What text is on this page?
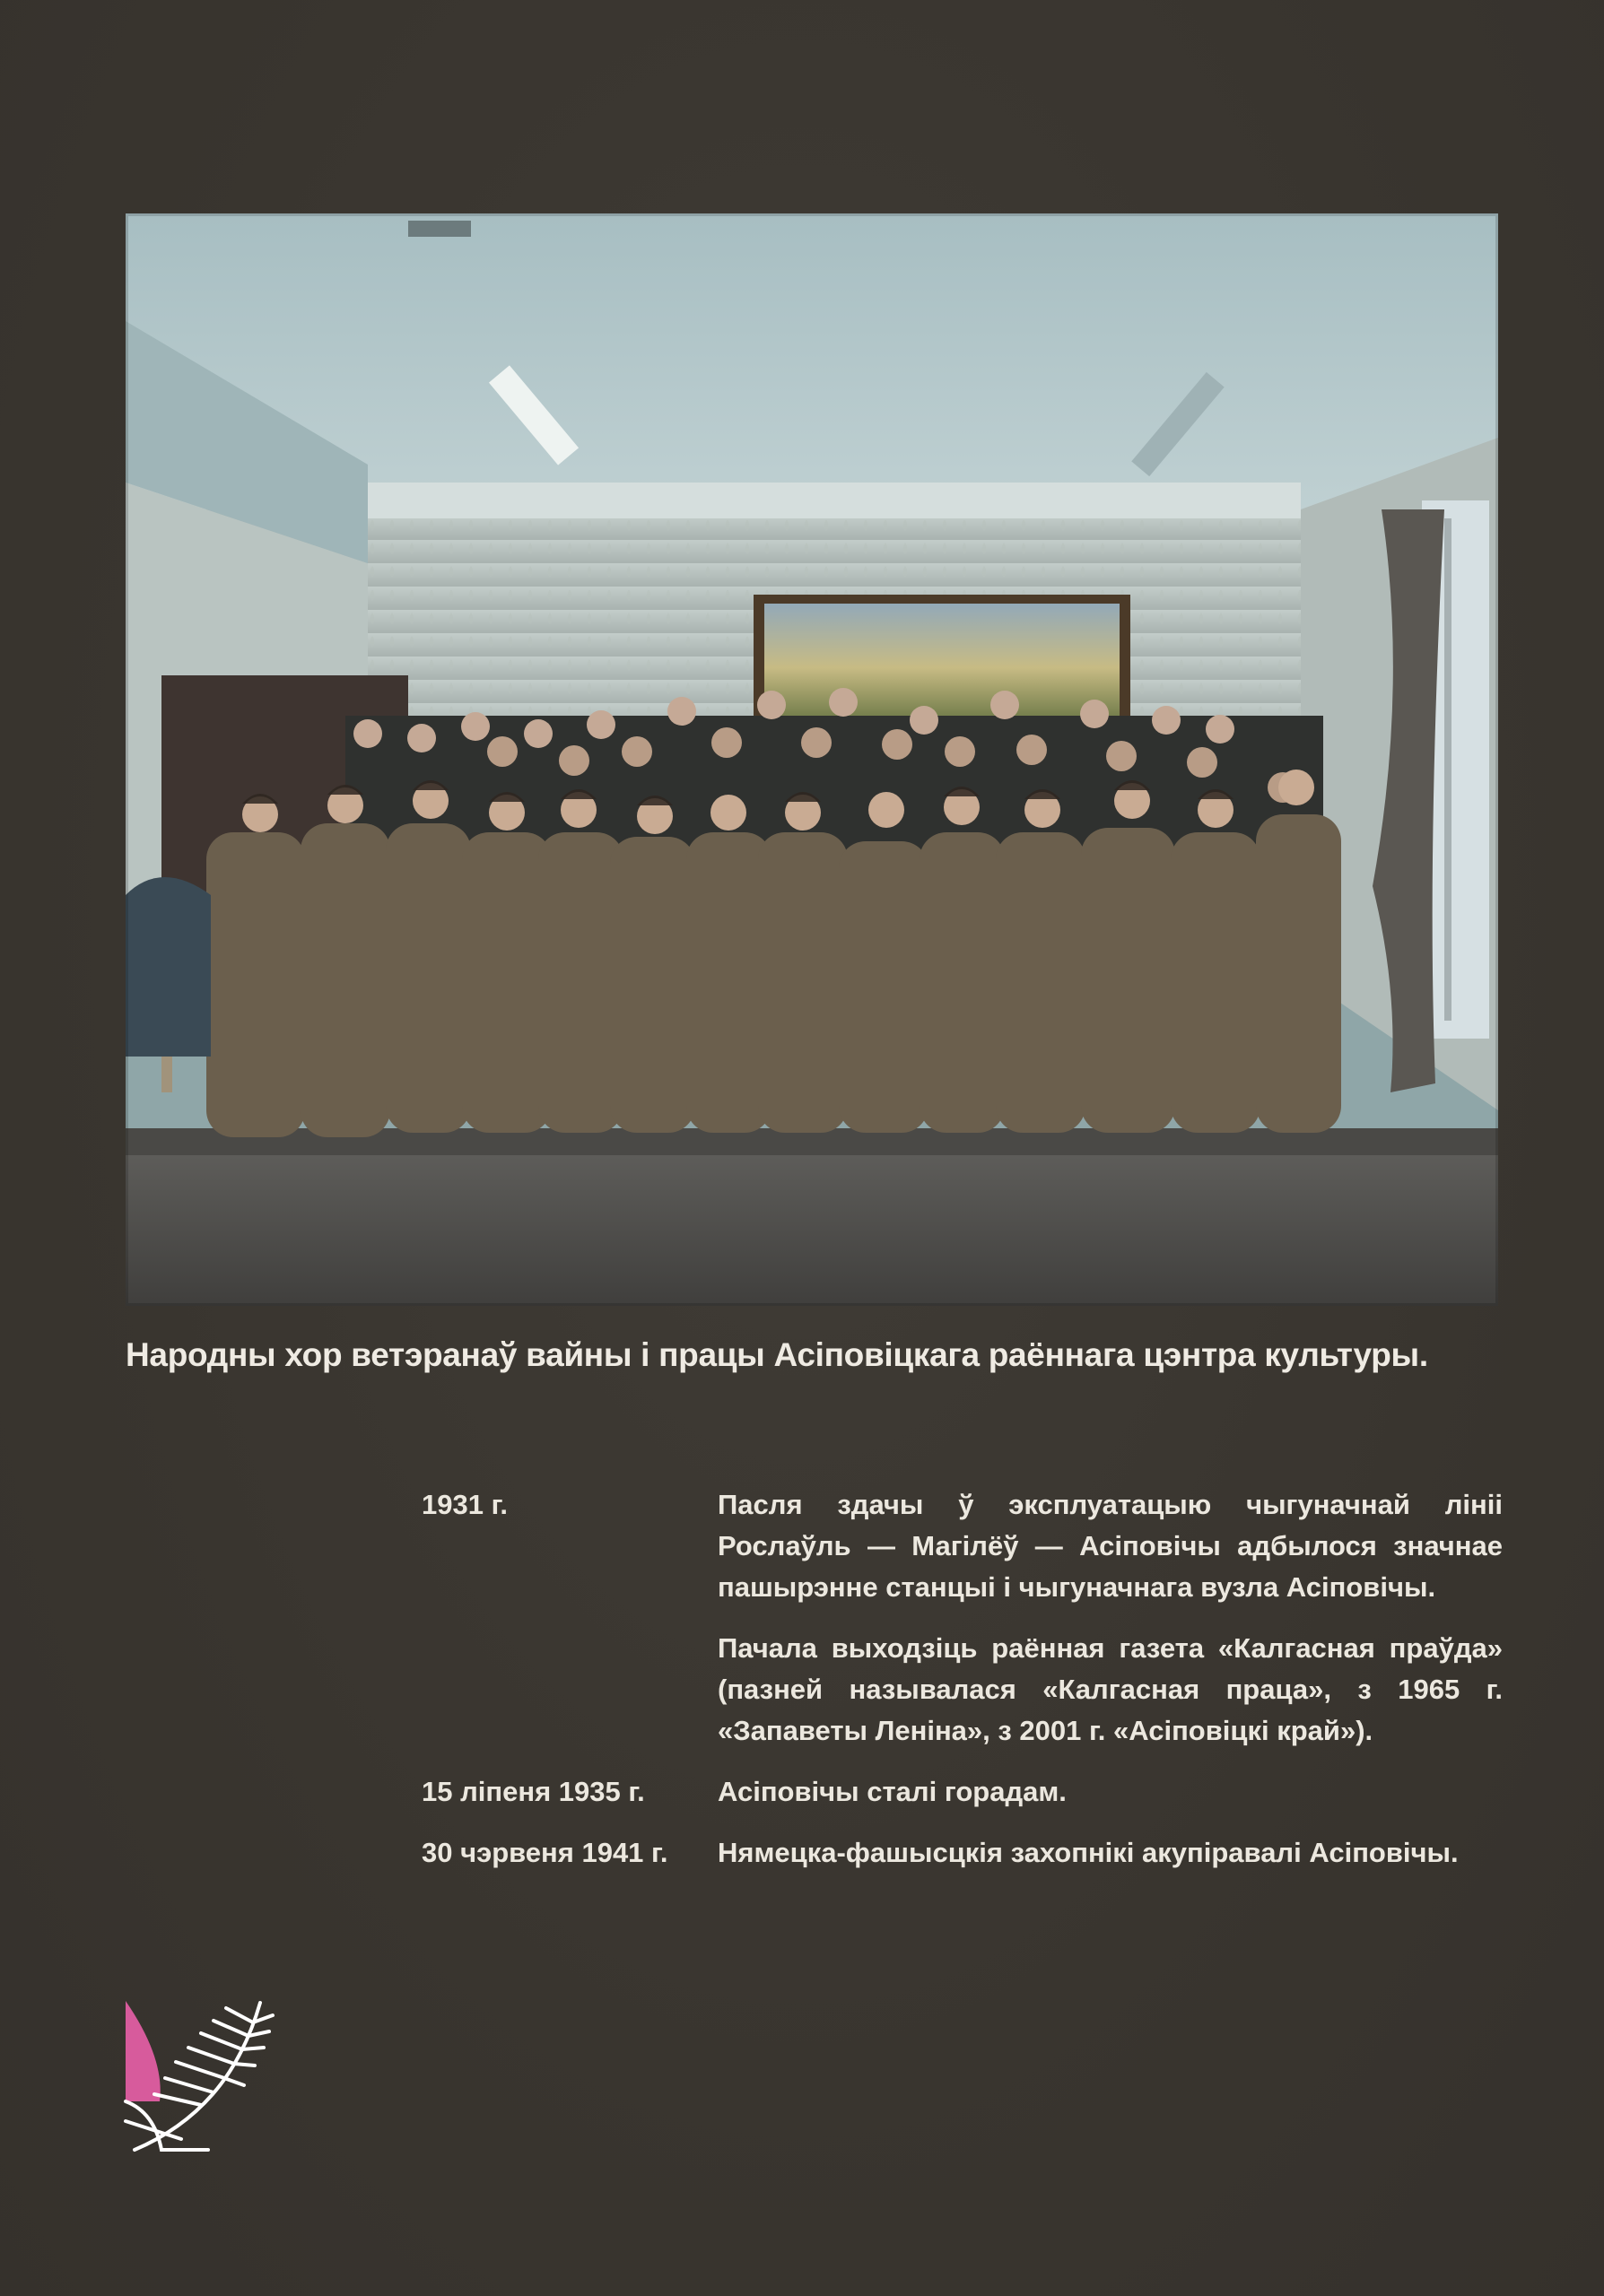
Народны хор ветэранаў вайны і працы Асіповіцкага раённага цэнтра культуры.
1931 г.	Пасля здачы ў эксплуатацыю чыгуначнай лініі Рослаўль — Магілёў — Асіповічы адбылося значнае пашырэнне станцыі і чыгуначнага вузла Асіповічы.

Пачала выходзіць раённая газета «Калгасная праўда» (пазней называлася «Калгасная праца», з 1965 г. «Запаветы Леніна», з 2001 г. «Асіповіцкі край»).

15 ліпеня 1935 г.	Асіповічы сталі горадам.

30 чэрвеня 1941 г.	Нямецка-фашысцкія захопнікі акупіравалі Асіповічы.
